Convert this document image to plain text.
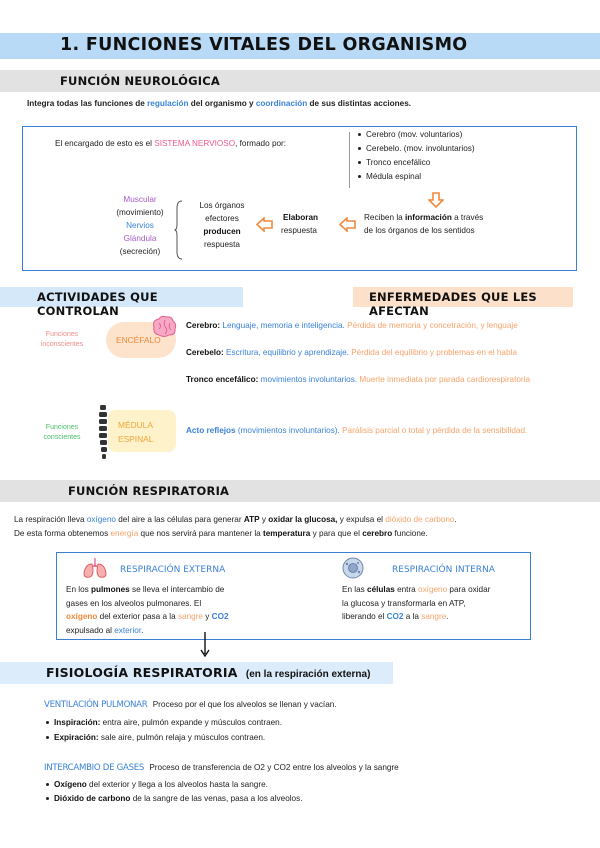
1. FUNCIONES VITALES DEL ORGANISMO
FUNCIÓN NEUROLÓGICA
Integra todas las funciones de regulación del organismo y coordinación de sus distintas acciones.
El encargado de esto es el SISTEMA NERVIOSO, formado por:
Cerebro (mov. voluntarios)
Cerebelo. (mov. involuntarios)
Tronco encefálico
Médula espinal
Reciben la información a través
de los órganos de los sentidos
Elaboran
respuesta
Los órganos
efectores
producen
respuesta
Muscular
(movimiento)
Nervios
Glándula
(secreción)
ACTIVIDADES QUE CONTROLAN
ENFERMEDADES QUE LES AFECTAN
Funciones inconscientes	ENCÉFALO
Cerebro: Lenguaje, memoria e inteligencia. Pérdida de memoria y concetración, y lenguaje
Cerebelo: Escritura, equilibrio y aprendizaje. Pérdida del equilibrio y problemas en el habla
Tronco encefálico: movimientos involuntarios. Muerte inmediata por parada cardiorespiratoria
Funciones conscientes
MÉDULA ESPINAL
Acto reflejos (movimientos involuntarios). Parálisis parcial o total y pérdida de la sensibilidad.
FUNCIÓN RESPIRATORIA
La respiración lleva oxígeno del aire a las células para generar ATP y oxidar la glucosa, y expulsa el dióxido de carbono.
De esta forma obtenemos energía que nos servirá para mantener la temperatura y para que el cerebro funcione.
RESPIRACIÓN EXTERNA
En los pulmones se lleva el intercambio de
gases en los alveolos pulmonares. El
oxígeno del exterior pasa a la sangre y CO2
expulsado al exterior.
RESPIRACIÓN INTERNA
En las células entra oxígeno para oxidar
la glucosa y transformarla en ATP,
liberando el CO2 a la sangre.
FISIOLOGÍA RESPIRATORIA (en la respiración externa)
VENTILACIÓN PULMONAR Proceso por el que los alveolos se llenan y vacían.
Inspiración: entra aire, pulmón expande y músculos contraen.
Expiración: sale aire, pulmón relaja y músculos contraen.
INTERCAMBIO DE GASES Proceso de transferencia de O2 y CO2 entre los alveolos y la sangre
Oxígeno del exterior y llega a los alveolos hasta la sangre.
Dióxido de carbono de la sangre de las venas, pasa a los alveolos.
